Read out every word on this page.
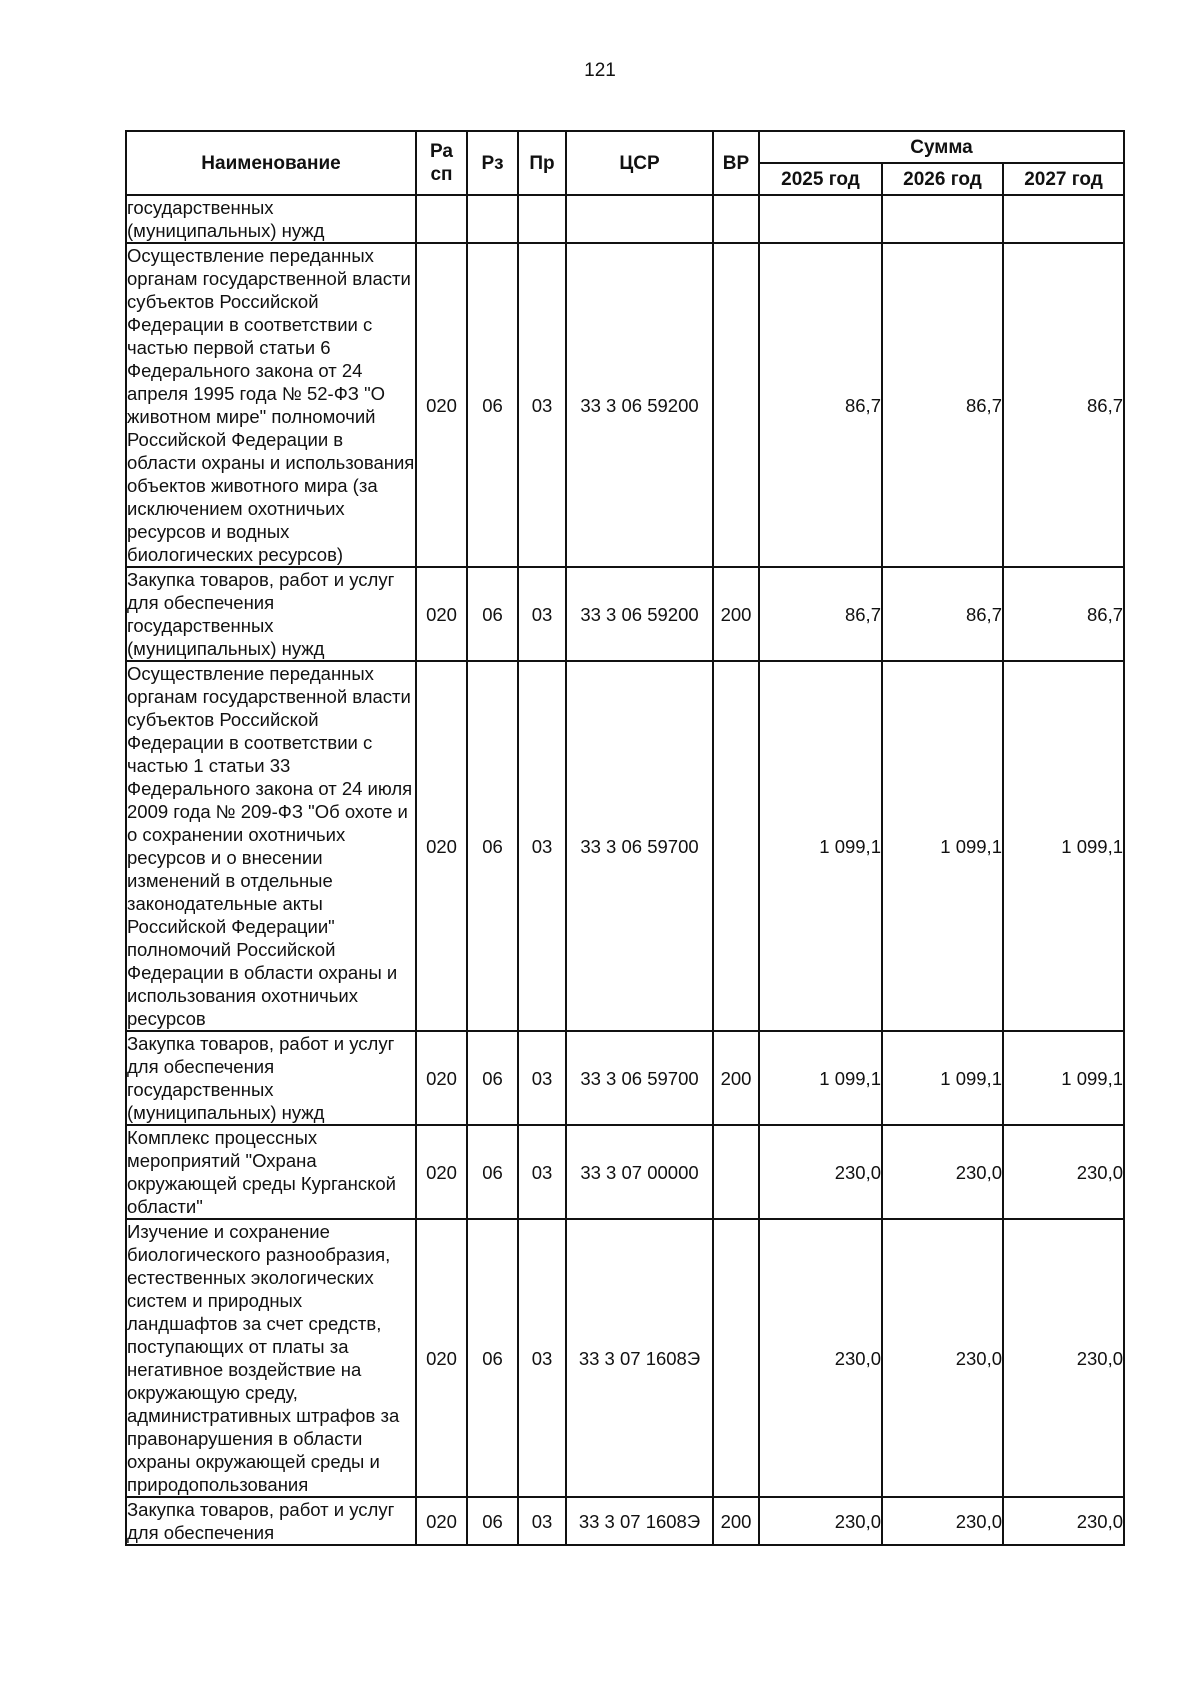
121
Наименование	Ра сп	Рз	Пр	ЦСР	ВР	Сумма		
						2025 год	2026 год	2027 год
государственных (муниципальных) нужд								
Осуществление переданных органам государственной власти субъектов Российской Федерации в соответствии с частью первой статьи 6 Федерального закона от 24 апреля 1995 года № 52-ФЗ "О животном мире" полномочий Российской Федерации в области охраны и использования объектов животного мира (за исключением охотничьих ресурсов и водных биологических ресурсов)	020	06	03	33 3 06 59200		86,7	86,7	86,7
Закупка товаров, работ и услуг для обеспечения государственных (муниципальных) нужд	020	06	03	33 3 06 59200	200	86,7	86,7	86,7
Осуществление переданных органам государственной власти субъектов Российской Федерации в соответствии с частью 1 статьи 33 Федерального закона от 24 июля 2009 года № 209-ФЗ "Об охоте и о сохранении охотничьих ресурсов и о внесении изменений в отдельные законодательные акты Российской Федерации" полномочий Российской Федерации в области охраны и использования охотничьих ресурсов	020	06	03	33 3 06 59700		1 099,1	1 099,1	1 099,1
Закупка товаров, работ и услуг для обеспечения государственных (муниципальных) нужд	020	06	03	33 3 06 59700	200	1 099,1	1 099,1	1 099,1
Комплекс процессных мероприятий "Охрана окружающей среды Курганской области"	020	06	03	33 3 07 00000		230,0	230,0	230,0
Изучение и сохранение биологического разнообразия, естественных экологических систем и природных ландшафтов за счет средств, поступающих от платы за негативное воздействие на окружающую среду, административных штрафов за правонарушения в области охраны окружающей среды и природопользования	020	06	03	33 3 07 1608Э		230,0	230,0	230,0
Закупка товаров, работ и услуг для обеспечения	020	06	03	33 3 07 1608Э	200	230,0	230,0	230,0
